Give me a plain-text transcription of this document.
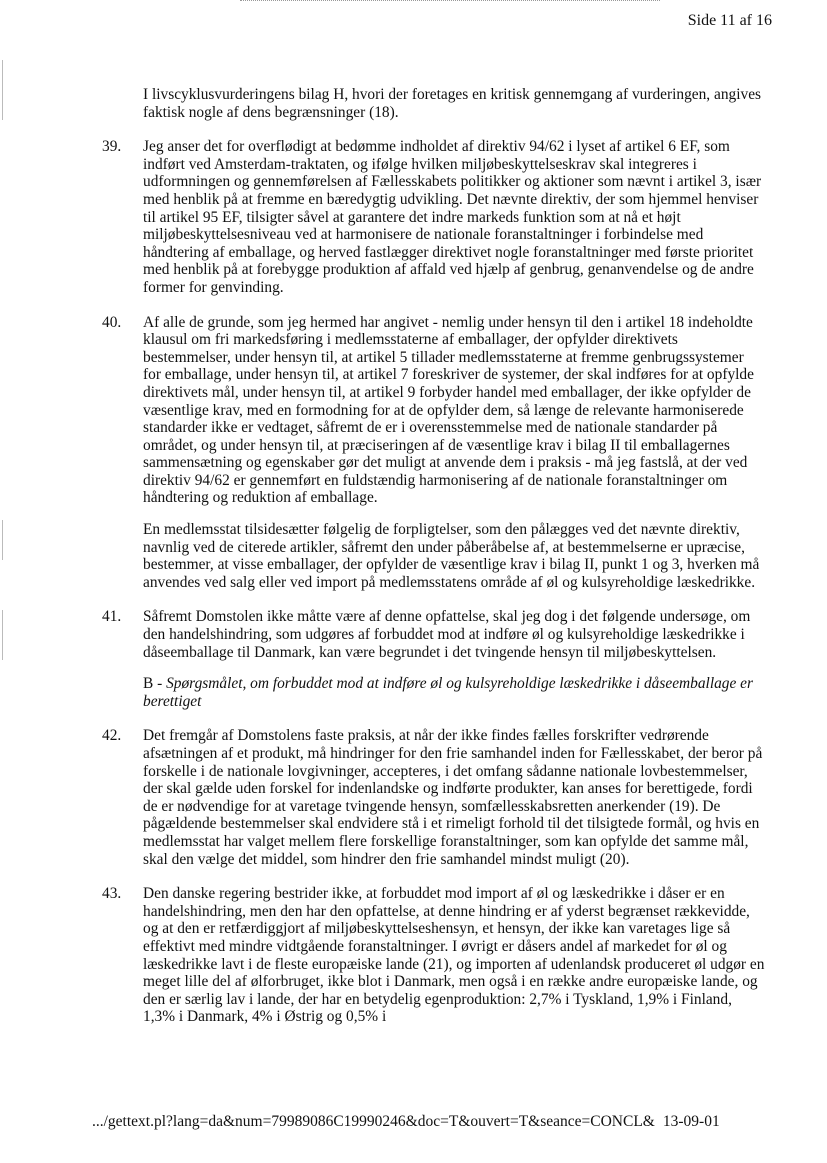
Side 11 af 16
I livscyklusvurderingens bilag H, hvori der foretages en kritisk gennemgang af vurderingen, angives faktisk nogle af dens begrænsninger (18).
39. Jeg anser det for overflødigt at bedømme indholdet af direktiv 94/62 i lyset af artikel 6 EF, som indført ved Amsterdam-traktaten, og ifølge hvilken miljøbeskyttelseskrav skal integreres i udformningen og gennemførelsen af Fællesskabets politikker og aktioner som nævnt i artikel 3, især med henblik på at fremme en bæredygtig udvikling. Det nævnte direktiv, der som hjemmel henviser til artikel 95 EF, tilsigter såvel at garantere det indre markeds funktion som at nå et højt miljøbeskyttelsesniveau ved at harmonisere de nationale foranstaltninger i forbindelse med håndtering af emballage, og herved fastlægger direktivet nogle foranstaltninger med første prioritet med henblik på at forebygge produktion af affald ved hjælp af genbrug, genanvendelse og de andre former for genvinding.
40. Af alle de grunde, som jeg hermed har angivet - nemlig under hensyn til den i artikel 18 indeholdte klausul om fri markedsføring i medlemsstaterne af emballager, der opfylder direktivets bestemmelser, under hensyn til, at artikel 5 tillader medlemsstaterne at fremme genbrugssystemer for emballage, under hensyn til, at artikel 7 foreskriver de systemer, der skal indføres for at opfylde direktivets mål, under hensyn til, at artikel 9 forbyder handel med emballager, der ikke opfylder de væsentlige krav, med en formodning for at de opfylder dem, så længe de relevante harmoniserede standarder ikke er vedtaget, såfremt de er i overensstemmelse med de nationale standarder på området, og under hensyn til, at præciseringen af de væsentlige krav i bilag II til emballagernes sammensætning og egenskaber gør det muligt at anvende dem i praksis - må jeg fastslå, at der ved direktiv 94/62 er gennemført en fuldstændig harmonisering af de nationale foranstaltninger om håndtering og reduktion af emballage.
En medlemsstat tilsidesætter følgelig de forpligtelser, som den pålægges ved det nævnte direktiv, navnlig ved de citerede artikler, såfremt den under påberåbelse af, at bestemmelserne er upræcise, bestemmer, at visse emballager, der opfylder de væsentlige krav i bilag II, punkt 1 og 3, hverken må anvendes ved salg eller ved import på medlemsstatens område af øl og kulsyreholdige læskedrikke.
41. Såfremt Domstolen ikke måtte være af denne opfattelse, skal jeg dog i det følgende undersøge, om den handelshindring, som udgøres af forbuddet mod at indføre øl og kulsyreholdige læskedrikke i dåseemballage til Danmark, kan være begrundet i det tvingende hensyn til miljøbeskyttelsen.
B - Spørgsmålet, om forbuddet mod at indføre øl og kulsyreholdige læskedrikke i dåseemballage er berettiget
42. Det fremgår af Domstolens faste praksis, at når der ikke findes fælles forskrifter vedrørende afsætningen af et produkt, må hindringer for den frie samhandel inden for Fællesskabet, der beror på forskelle i de nationale lovgivninger, accepteres, i det omfang sådanne nationale lovbestemmelser, der skal gælde uden forskel for indenlandske og indførte produkter, kan anses for berettigede, fordi de er nødvendige for at varetage tvingende hensyn, somfællesskabsretten anerkender (19). De pågældende bestemmelser skal endvidere stå i et rimeligt forhold til det tilsigtede formål, og hvis en medlemsstat har valget mellem flere forskellige foranstaltninger, som kan opfylde det samme mål, skal den vælge det middel, som hindrer den frie samhandel mindst muligt (20).
43. Den danske regering bestrider ikke, at forbuddet mod import af øl og læskedrikke i dåser er en handelshindring, men den har den opfattelse, at denne hindring er af yderst begrænset rækkevidde, og at den er retfærdiggjort af miljøbeskyttelseshensyn, et hensyn, der ikke kan varetages lige så effektivt med mindre vidtgående foranstaltninger. I øvrigt er dåsers andel af markedet for øl og læskedrikke lavt i de fleste europæiske lande (21), og importen af udenlandsk produceret øl udgør en meget lille del af ølforbruget, ikke blot i Danmark, men også i en række andre europæiske lande, og den er særlig lav i lande, der har en betydelig egenproduktion: 2,7% i Tyskland, 1,9% i Finland, 1,3% i Danmark, 4% i Østrig og 0,5% i
.../gettext.pl?lang=da&num=79989086C19990246&doc=T&ouvert=T&seance=CONCL& 13-09-01
